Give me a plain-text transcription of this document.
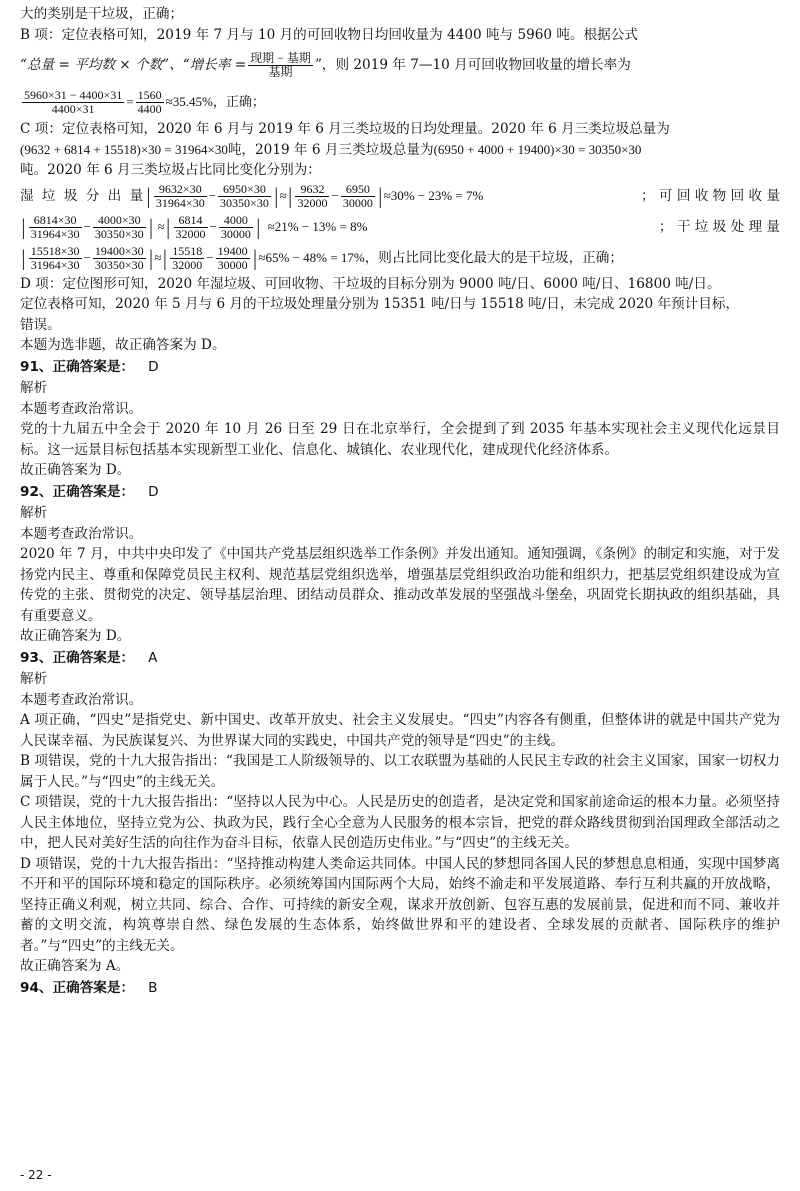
大的类别是干垃圾，正确；

B 项：定位表格可知，2019 年 7 月与 10 月的可回收物日均回收量为 4400 吨与 5960 吨。根据公式

“总量 = 平均数 × 个数”、“增长率 = $\frac{\text{现期 − 基期}}{\text{基期}}$ ”，则 2019 年 7—10 月可回收物回收量的增长率为
$\frac{5960\times 31 - 4400\times 31}{4400\times 31} = \frac{1560}{4400} \approx 35.45\%$，正确；

C 项：定位表格可知，2020 年 6 月与 2019 年 6 月三类垃圾的日均处理量。2020 年 6 月三类垃圾总量为

(9632 + 6814 + 15518)×30 = 31964×30吨，2019 年 6 月三类垃圾总量为(6950 + 4000 + 19400)×30 = 30350×30

吨。2020 年 6 月三类垃圾占比同比变化分别为：

湿 垃 圾 分 出 量 | $\frac{9632\times 30}{31964\times 30} - \frac{6950\times 30}{30350\times 30}$ | ≈ | $\frac{9632}{32000} - \frac{6950}{30000}$ | ≈30% − 23% = 7%	； 可 回 收 物 回 收 量
| $\frac{6814\times 30}{31964\times 30} - \frac{4000\times 30}{30350\times 30}$ | ≈ | $\frac{6814}{32000} - \frac{4000}{30000}$ | ≈21% − 13% = 8%	； 干 垃 圾 处 理 量
| $\frac{15518\times 30}{31964\times 30} - \frac{19400\times 30}{30350\times 30}$ | ≈ | $\frac{15518}{32000} - \frac{19400}{30000}$ | ≈65% − 48% = 17% ，则占比同比变化最大的是干垃圾，正确；

D 项：定位图形可知，2020 年湿垃圾、可回收物、干垃圾的目标分别为 9000 吨/日、6000 吨/日、16800 吨/日。

定位表格可知，2020 年 5 月与 6 月的干垃圾处理量分别为 15351 吨/日与 15518 吨/日，未完成 2020 年预计目标，

错误。

本题为选非题，故正确答案为 D。

91、正确答案是： D

解析

本题考查政治常识。

党的十九届五中全会于 2020 年 10 月 26 日至 29 日在北京举行，全会提到了到 2035 年基本实现社会主义现代化远景目标。这一远景目标包括基本实现新型工业化、信息化、城镇化、农业现代化，建成现代化经济体系。

故正确答案为 D。

92、正确答案是： D

解析

本题考查政治常识。

2020 年 7 月，中共中央印发了《中国共产党基层组织选举工作条例》并发出通知。通知强调，《条例》的制定和实施，对于发扬党内民主、尊重和保障党员民主权利、规范基层党组织选举，增强基层党组织政治功能和组织力，把基层党组织建设成为宣传党的主张、贯彻党的决定、领导基层治理、团结动员群众、推动改革发展的坚强战斗堡垒，巩固党长期执政的组织基础，具有重要意义。

故正确答案为 D。

93、正确答案是： A

解析

本题考查政治常识。

A 项正确，“四史”是指党史、新中国史、改革开放史、社会主义发展史。“四史”内容各有侧重，但整体讲的就是中国共产党为人民谋幸福、为民族谋复兴、为世界谋大同的实践史，中国共产党的领导是“四史”的主线。

B 项错误，党的十九大报告指出：“我国是工人阶级领导的、以工农联盟为基础的人民民主专政的社会主义国家，国家一切权力属于人民。”与“四史”的主线无关。

C 项错误，党的十九大报告指出：“坚持以人民为中心。人民是历史的创造者，是决定党和国家前途命运的根本力量。必须坚持人民主体地位，坚持立党为公、执政为民，践行全心全意为人民服务的根本宗旨，把党的群众路线贯彻到治国理政全部活动之中，把人民对美好生活的向往作为奋斗目标，依靠人民创造历史伟业。”与“四史”的主线无关。

D 项错误，党的十九大报告指出：“坚持推动构建人类命运共同体。中国人民的梦想同各国人民的梦想息息相通，实现中国梦离不开和平的国际环境和稳定的国际秩序。必须统筹国内国际两个大局，始终不渝走和平发展道路、奉行互利共赢的开放战略，坚持正确义利观，树立共同、综合、合作、可持续的新安全观，谋求开放创新、包容互惠的发展前景，促进和而不同、兼收并蓄的文明交流，构筑尊崇自然、绿色发展的生态体系，始终做世界和平的建设者、全球发展的贡献者、国际秩序的维护者。”与“四史”的主线无关。

故正确答案为 A。

94、正确答案是： B

- 22 -
